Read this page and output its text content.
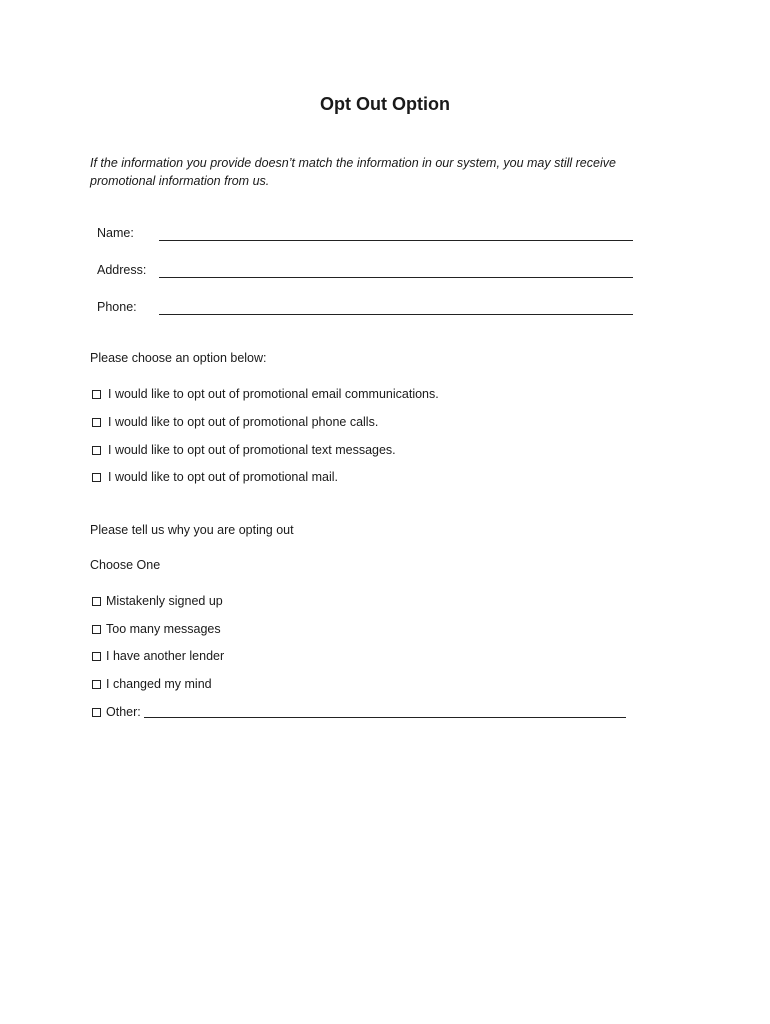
Opt Out Option
If the information you provide doesn’t match the information in our system, you may still receive promotional information from us.
Name:
Address:
Phone:
Please choose an option below:
I would like to opt out of promotional email communications.
I would like to opt out of promotional phone calls.
I would like to opt out of promotional text messages.
I would like to opt out of promotional mail.
Please tell us why you are opting out
Choose One
Mistakenly signed up
Too many messages
I have another lender
I changed my mind
Other:
